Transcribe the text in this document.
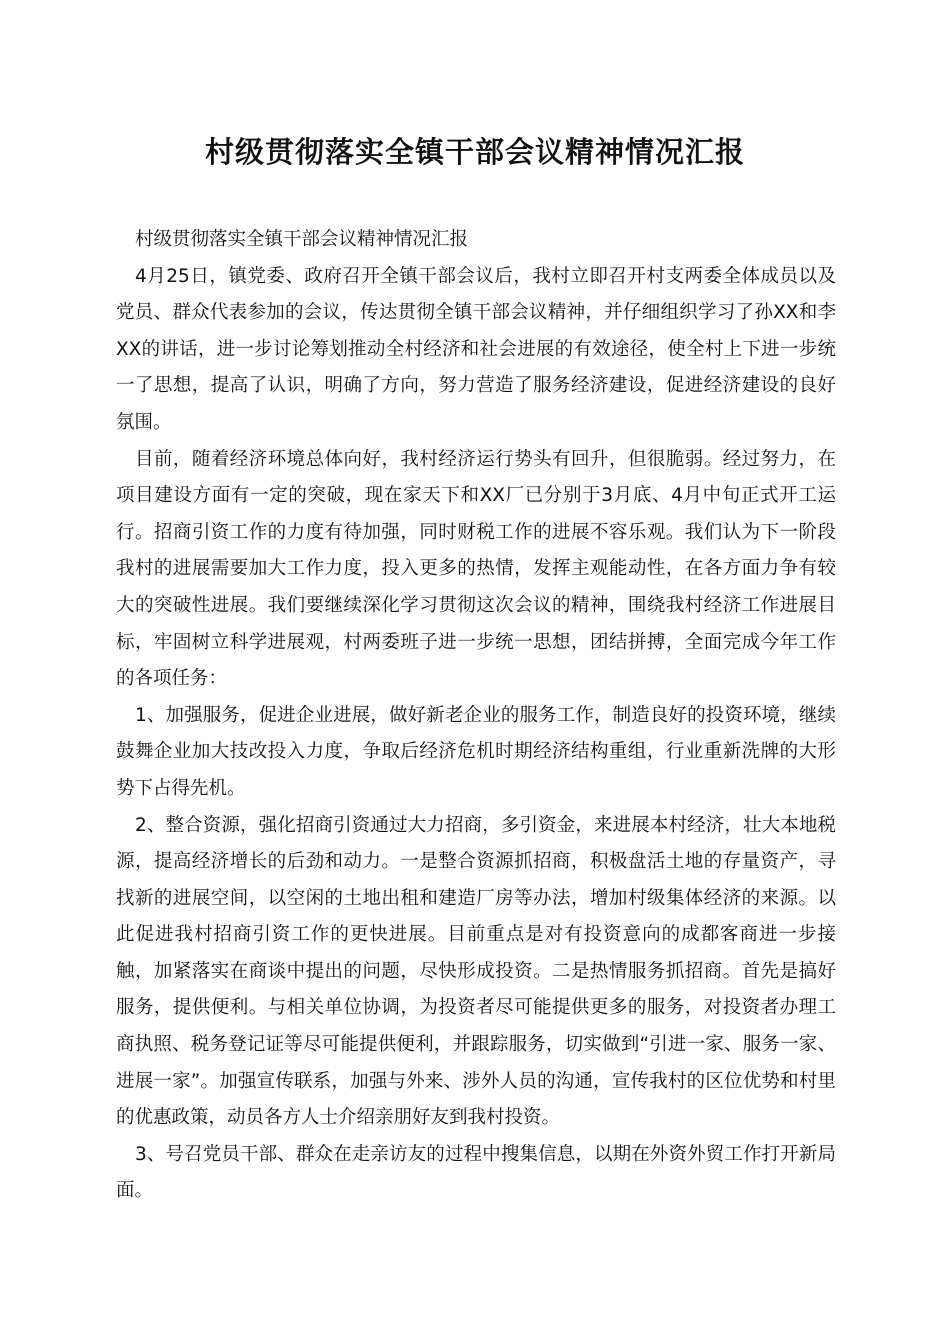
村级贯彻落实全镇干部会议精神情况汇报

村级贯彻落实全镇干部会议精神情况汇报

4月25日，镇党委、政府召开全镇干部会议后，我村立即召开村支两委全体成员以及党员、群众代表参加的会议，传达贯彻全镇干部会议精神，并仔细组织学习了孙XX和李XX的讲话，进一步讨论筹划推动全村经济和社会进展的有效途径，使全村上下进一步统一了思想，提高了认识，明确了方向，努力营造了服务经济建设，促进经济建设的良好氛围。

目前，随着经济环境总体向好，我村经济运行势头有回升，但很脆弱。经过努力，在项目建设方面有一定的突破，现在家天下和XX厂已分别于3月底、4月中旬正式开工运行。招商引资工作的力度有待加强，同时财税工作的进展不容乐观。我们认为下一阶段我村的进展需要加大工作力度，投入更多的热情，发挥主观能动性，在各方面力争有较大的突破性进展。我们要继续深化学习贯彻这次会议的精神，围绕我村经济工作进展目标，牢固树立科学进展观，村两委班子进一步统一思想，团结拼搏，全面完成今年工作的各项任务：

1、加强服务，促进企业进展，做好新老企业的服务工作，制造良好的投资环境，继续鼓舞企业加大技改投入力度，争取后经济危机时期经济结构重组，行业重新洗牌的大形势下占得先机。

2、整合资源，强化招商引资通过大力招商，多引资金，来进展本村经济，壮大本地税源，提高经济增长的后劲和动力。一是整合资源抓招商，积极盘活土地的存量资产，寻找新的进展空间，以空闲的土地出租和建造厂房等办法，增加村级集体经济的来源。以此促进我村招商引资工作的更快进展。目前重点是对有投资意向的成都客商进一步接触，加紧落实在商谈中提出的问题，尽快形成投资。二是热情服务抓招商。首先是搞好服务，提供便利。与相关单位协调，为投资者尽可能提供更多的服务，对投资者办理工商执照、税务登记证等尽可能提供便利，并跟踪服务，切实做到“引进一家、服务一家、进展一家”。加强宣传联系，加强与外来、涉外人员的沟通，宣传我村的区位优势和村里的优惠政策，动员各方人士介绍亲朋好友到我村投资。

3、号召党员干部、群众在走亲访友的过程中搜集信息，以期在外资外贸工作打开新局面。
